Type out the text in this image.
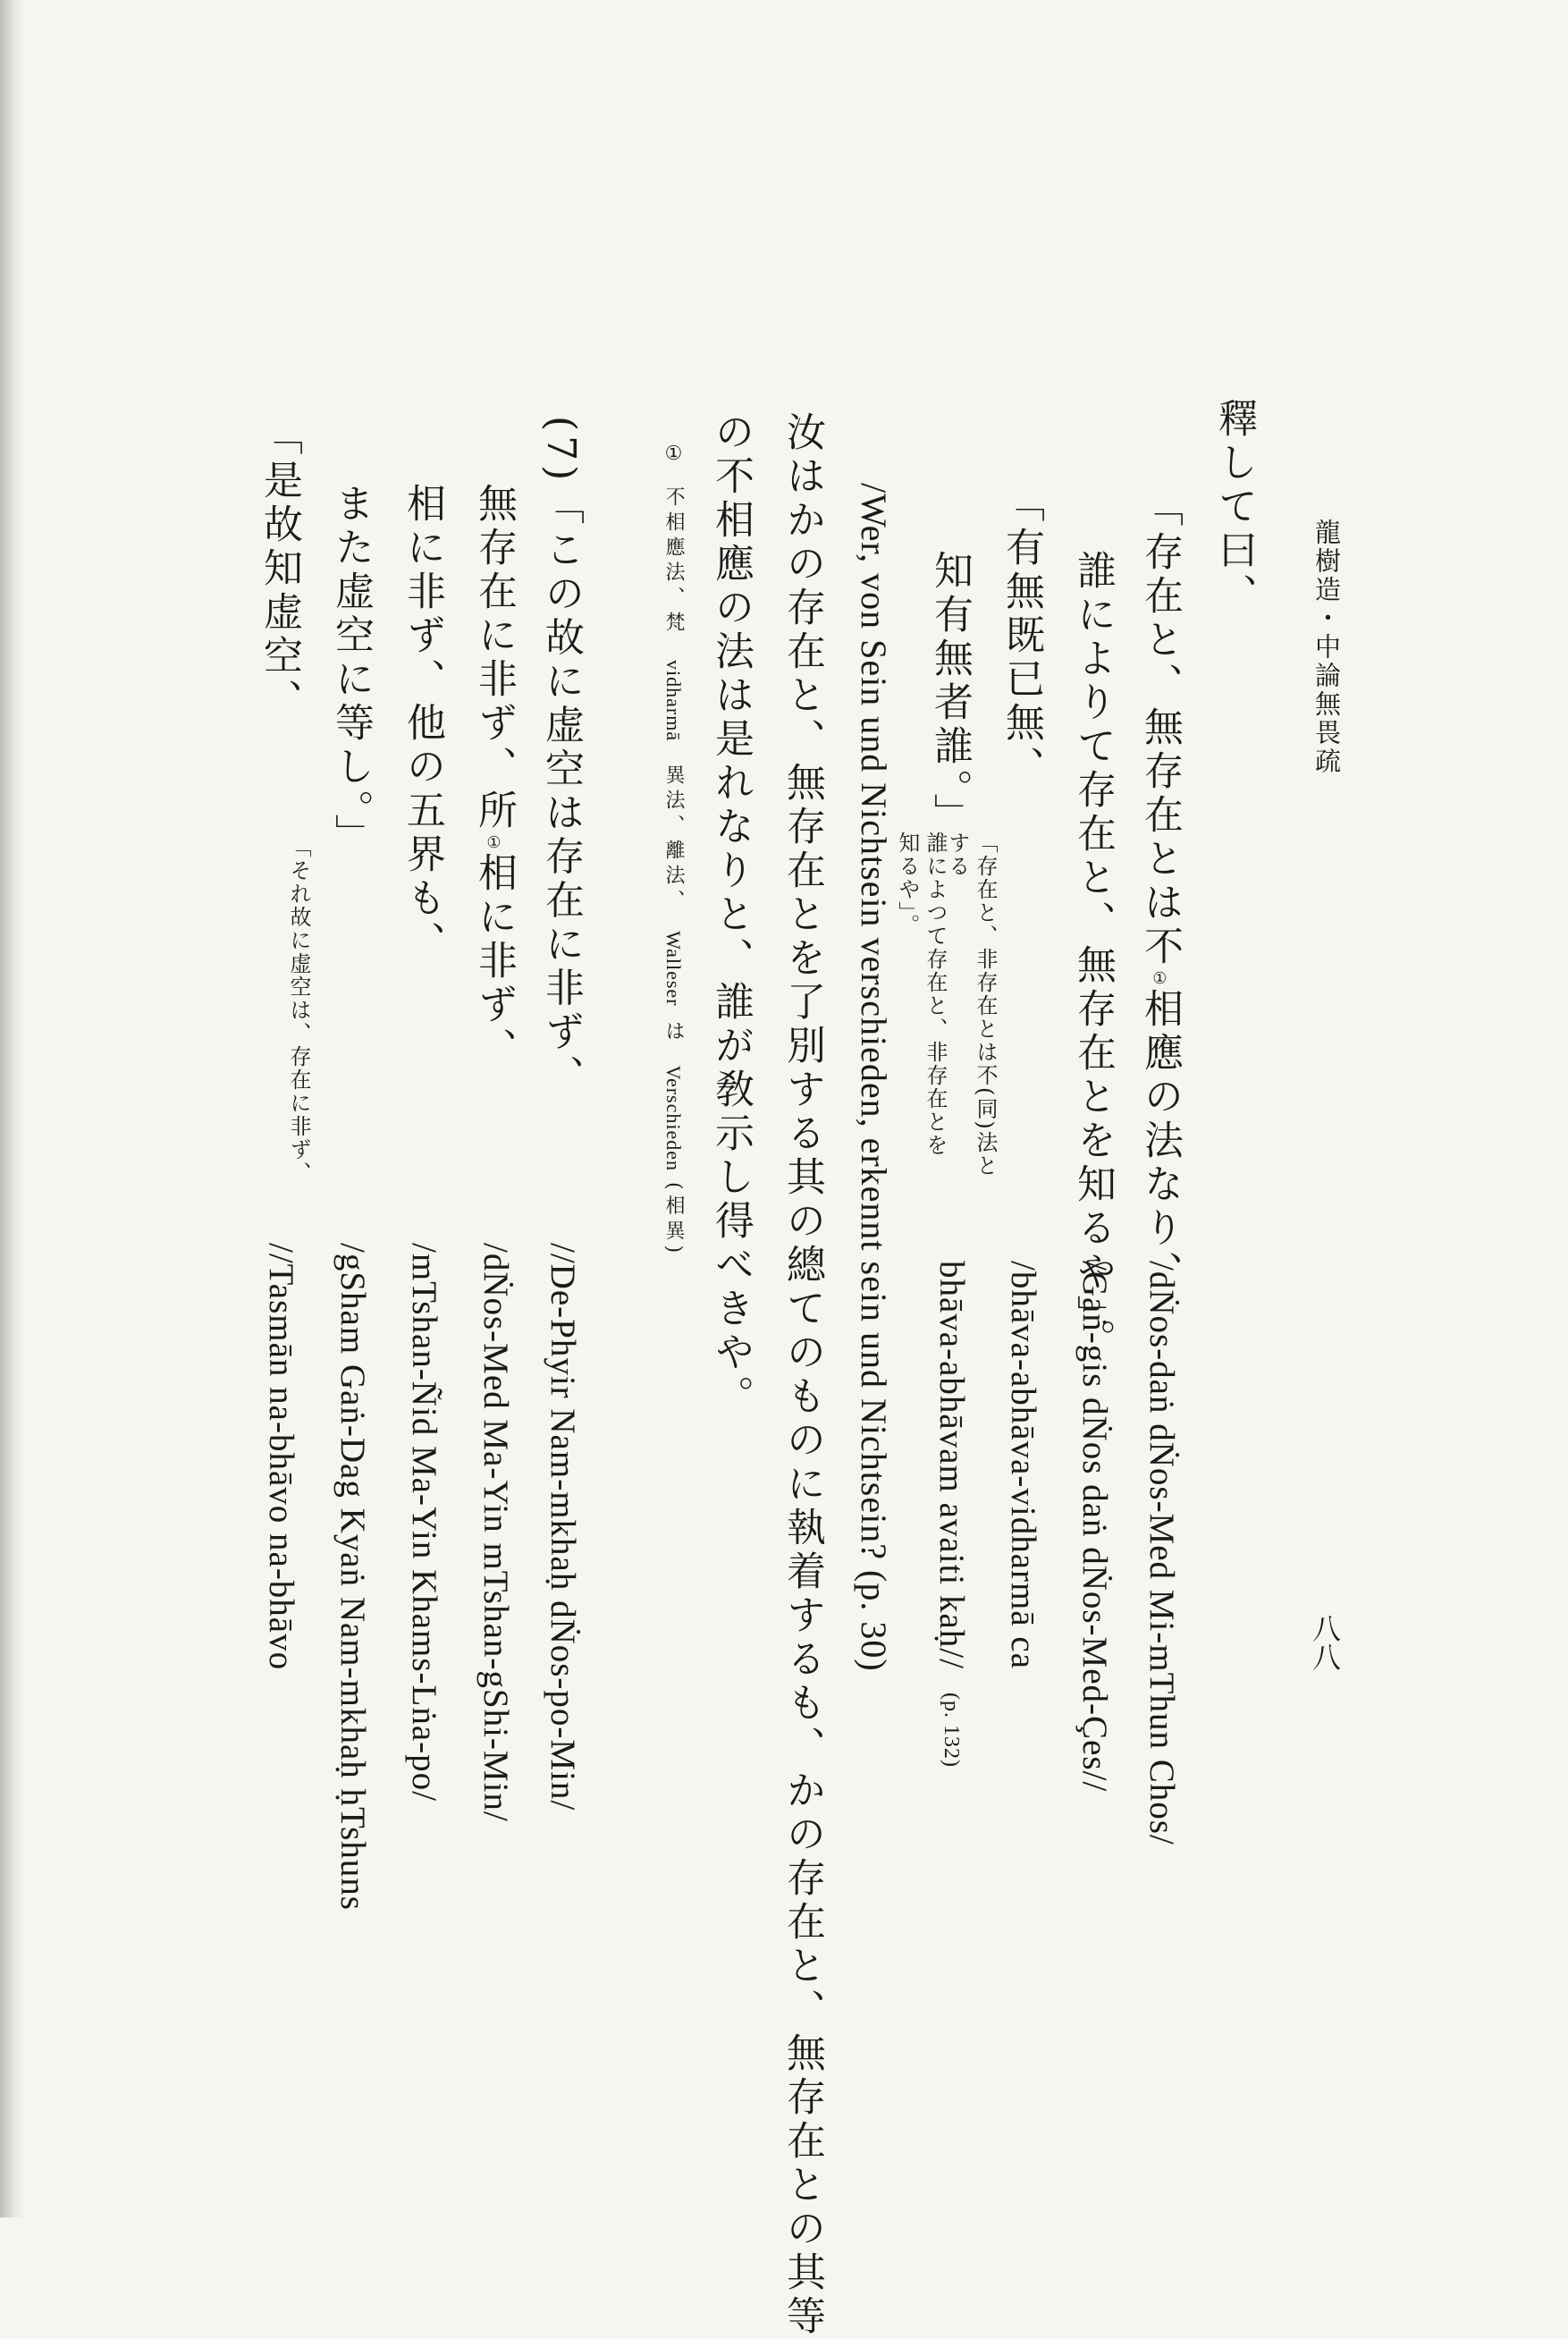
龍樹造・中論無畏疏
八八
釋して曰、
「存在と、無存在とは不①相應の法なり、
誰によりて存在と、無存在とを知るや」。
「有無既已無、
知有無者誰。」
「存在と、非存在とは不(同)法と
する
誰によつて存在と、非存在とを
知るや」。
/dṄos-daṅ dṄos-Med Mi-mThun Chos/
/Gaṅ-gis dṄos daṅ dṄos-Med-Çes//
/bhāva-abhāva-vidharmā ca
bhāva-abhāvam avaiti kaḥ//(p. 132)
/Wer, von Sein und Nichtsein verschieden, erkennt sein und Nichtsein? (p. 30)
汝はかの存在と、無存在とを了別する其の總てのものに執着するも、かの存在と、無存在との其等
の不相應の法は是れなりと、誰が敎示し得べきや。
①不相應法、梵vidharmā異法、離法、WalleserはVerschieden(相異)
(7)「この故に虚空は存在に非ず、
無存在に非ず、所①相に非ず、
相に非ず、他の五界も、
また虚空に等し。」
「是故知虚空、
「それ故に虚空は、存在に非ず、
//De-Phyir Nam-mkhaḥ dṄos-po-Min/
/dṄos-Med Ma-Yin mTshan-gShi-Min/
/mTshan-Ñid Ma-Yin Khams-Lṅa-po/
/gSham Gaṅ-Dag Kyaṅ Nam-mkhaḥ ḥTshuns
//Tasmān na-bhāvo na-bhāvo
